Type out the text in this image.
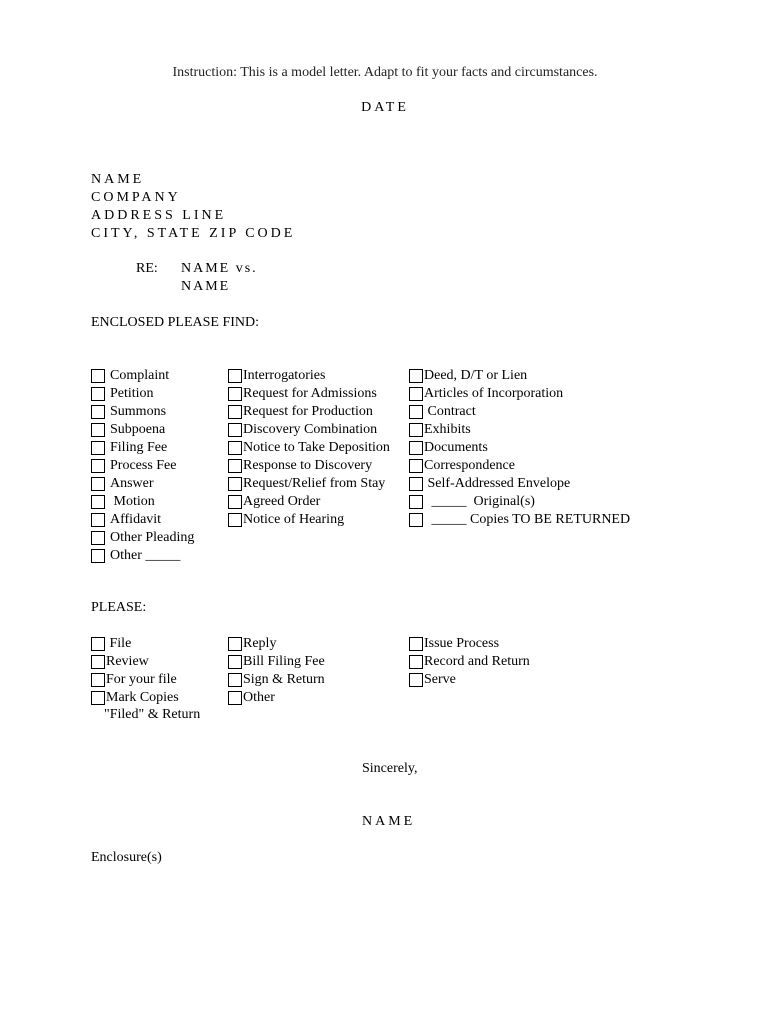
Instruction: This is a model letter. Adapt to fit your facts and circumstances.
DATE
NAME
COMPANY
ADDRESS LINE
CITY, STATE ZIP CODE
RE: NAME vs.
NAME
ENCLOSED PLEASE FIND:
Complaint
Petition
Summons
Subpoena
Filing Fee
Process Fee
Answer
Motion
Affidavit
Other Pleading
Other _____
Interrogatories
Request for Admissions
Request for Production
Discovery Combination
Notice to Take Deposition
Response to Discovery
Request/Relief from Stay
Agreed Order
Notice of Hearing
Deed, D/T or Lien
Articles of Incorporation
Contract
Exhibits
Documents
Correspondence
Self-Addressed Envelope
_____  Original(s)
_____ Copies TO BE RETURNED
PLEASE:
File
Review
For your file
Mark Copies
"Filed" & Return
Reply
Bill Filing Fee
Sign & Return
Other
Issue Process
Record and Return
Serve
Sincerely,
NAME
Enclosure(s)
